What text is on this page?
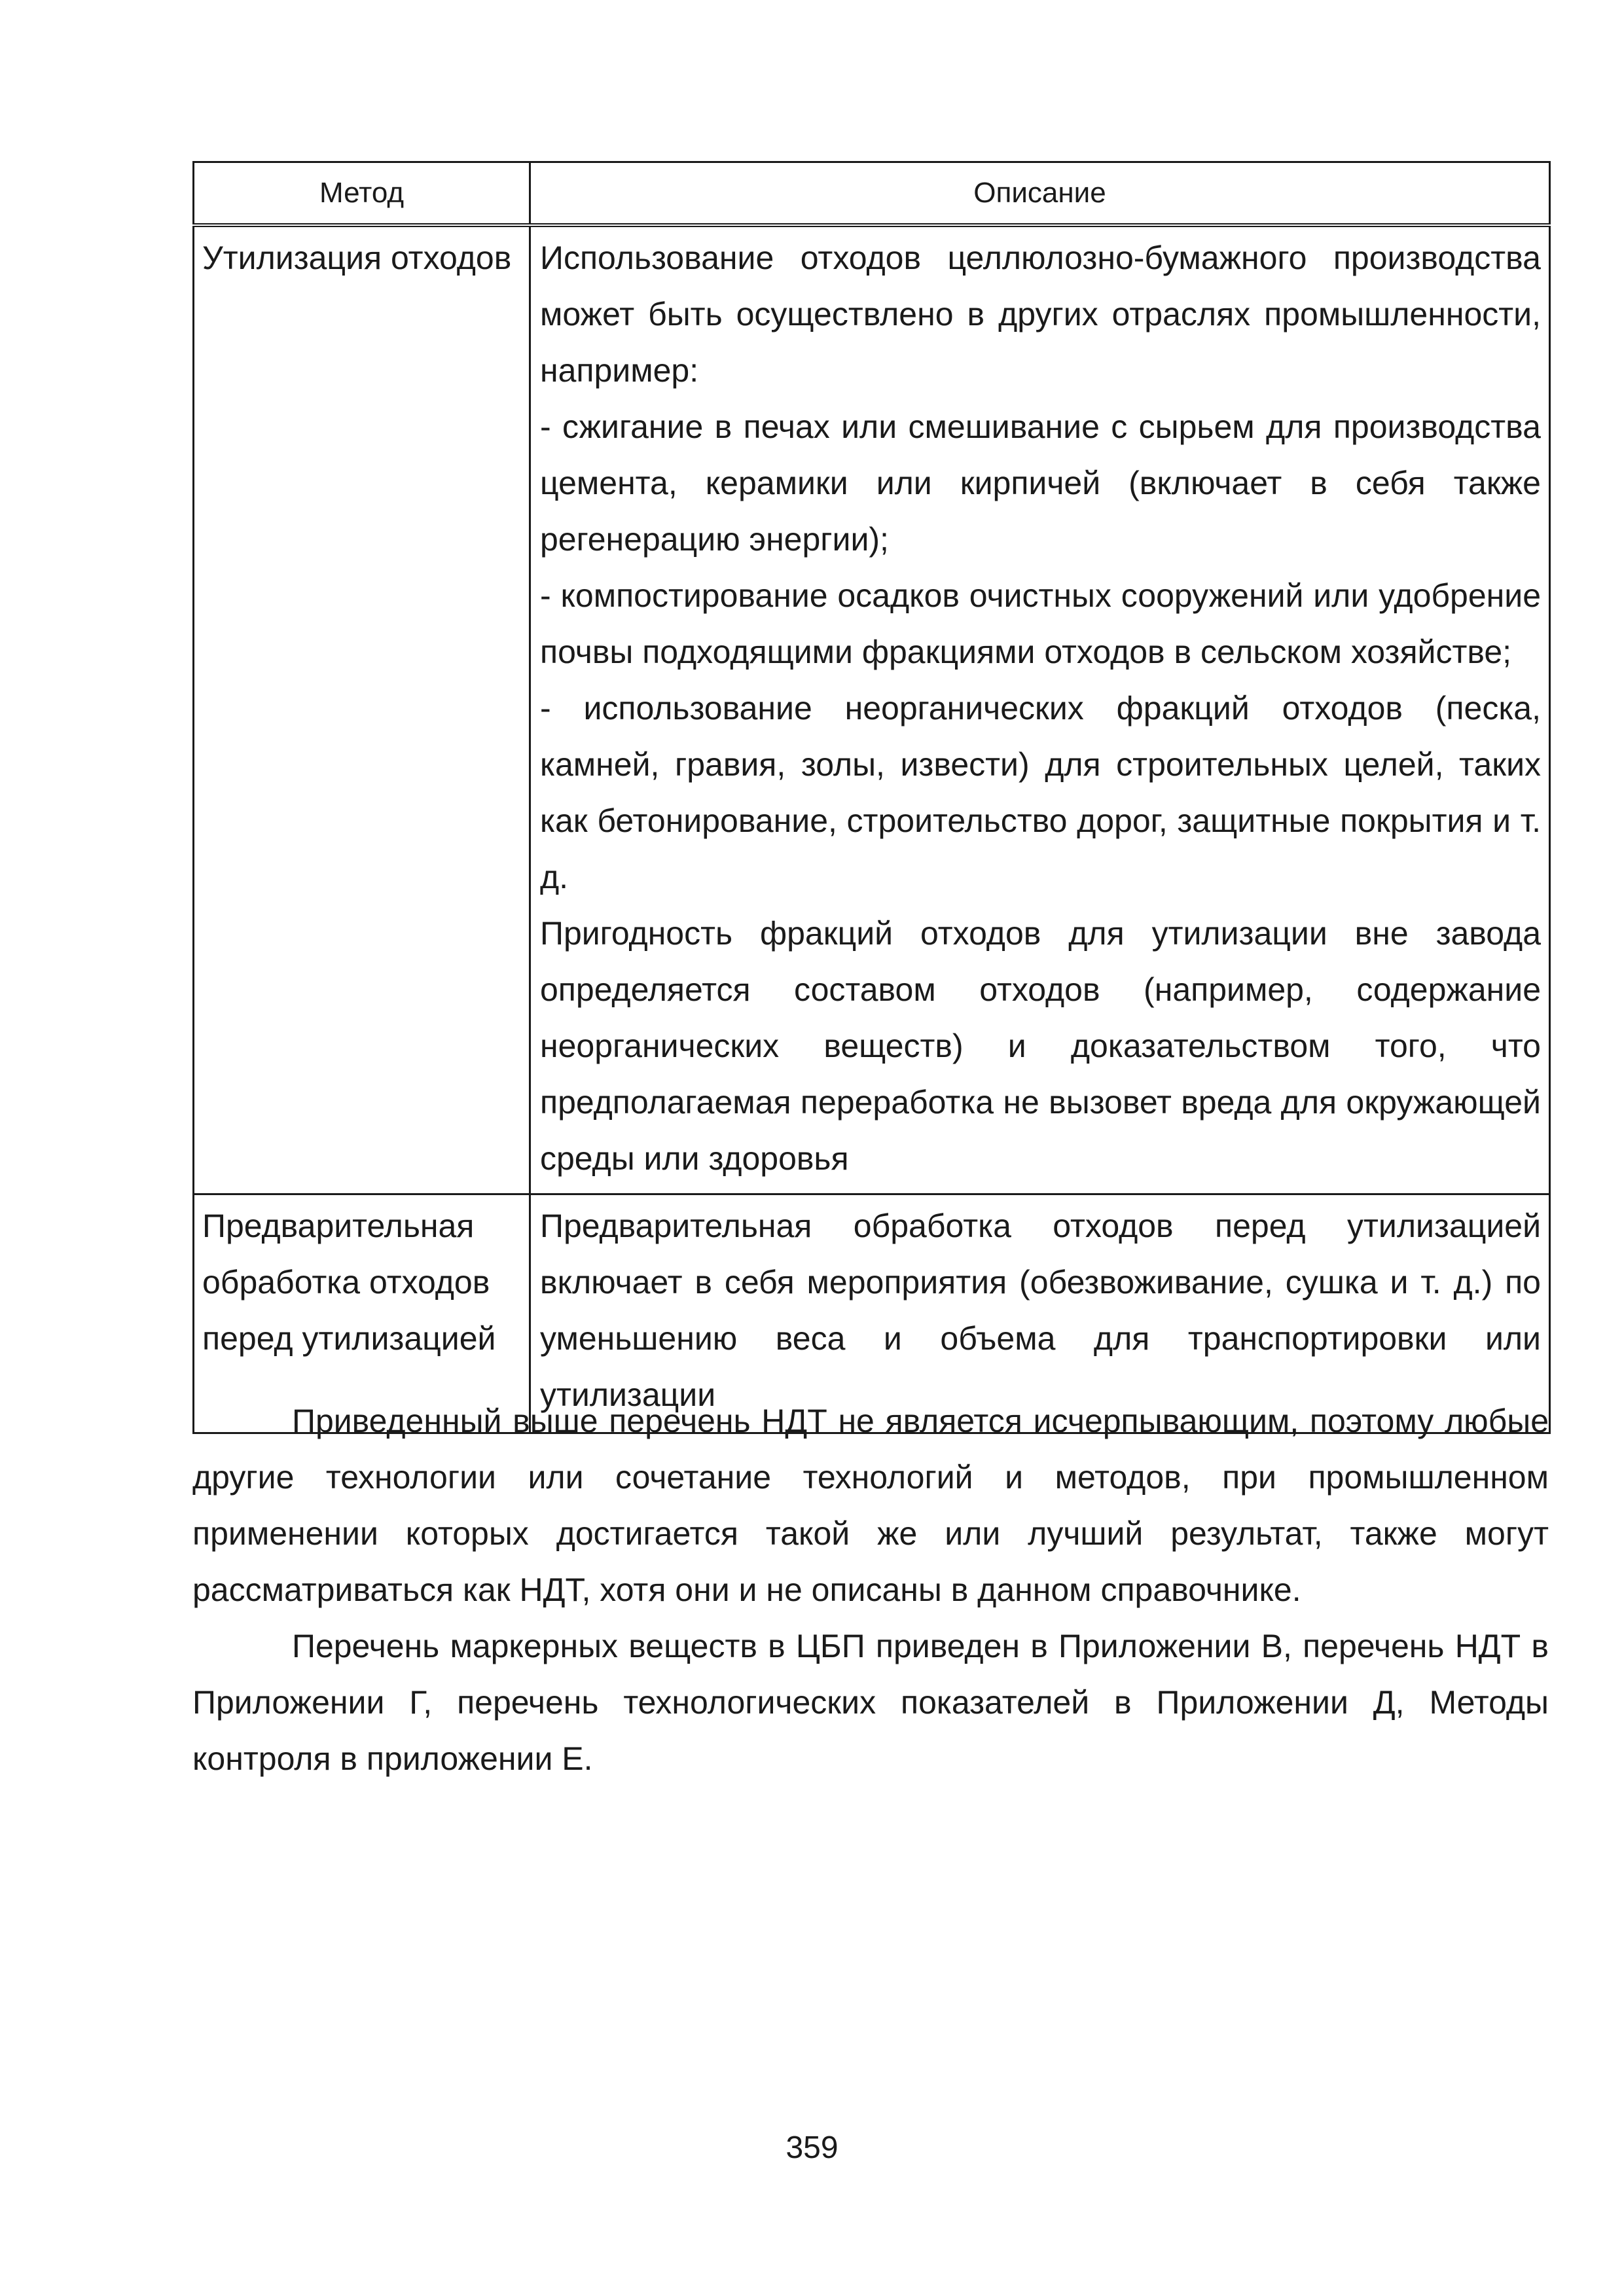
Метод	Описание
Утилизация отходов	Использование отходов целлюлозно-бумажного производства может быть осуществлено в других отраслях промышленности, например:
- сжигание в печах или смешивание с сырьем для производства цемента, керамики или кирпичей (включает в себя также регенерацию энергии);
- компостирование осадков очистных сооружений или удобрение почвы подходящими фракциями отходов в сельском хозяйстве;
- использование неорганических фракций отходов (песка, камней, гравия, золы, извести) для строительных целей, таких как бетонирование, строительство дорог, защитные покрытия и т. д.
Пригодность фракций отходов для утилизации вне завода определяется составом отходов (например, содержание неорганических веществ) и доказательством того, что предполагаемая переработка не вызовет вреда для окружающей среды или здоровья

Предварительная обработка отходов перед утилизацией	Предварительная обработка отходов перед утилизацией включает в себя мероприятия (обезвоживание, сушка и т. д.) по уменьшению веса и объема для транспортировки или утилизации

Приведенный выше перечень НДТ не является исчерпывающим, поэтому любые другие технологии или сочетание технологий и методов, при промышленном применении которых достигается такой же или лучший результат, также могут рассматриваться как НДТ, хотя они и не описаны в данном справочнике.

Перечень маркерных веществ в ЦБП приведен в Приложении В, перечень НДТ в Приложении Г, перечень технологических показателей в Приложении Д, Методы контроля в приложении Е.

359
